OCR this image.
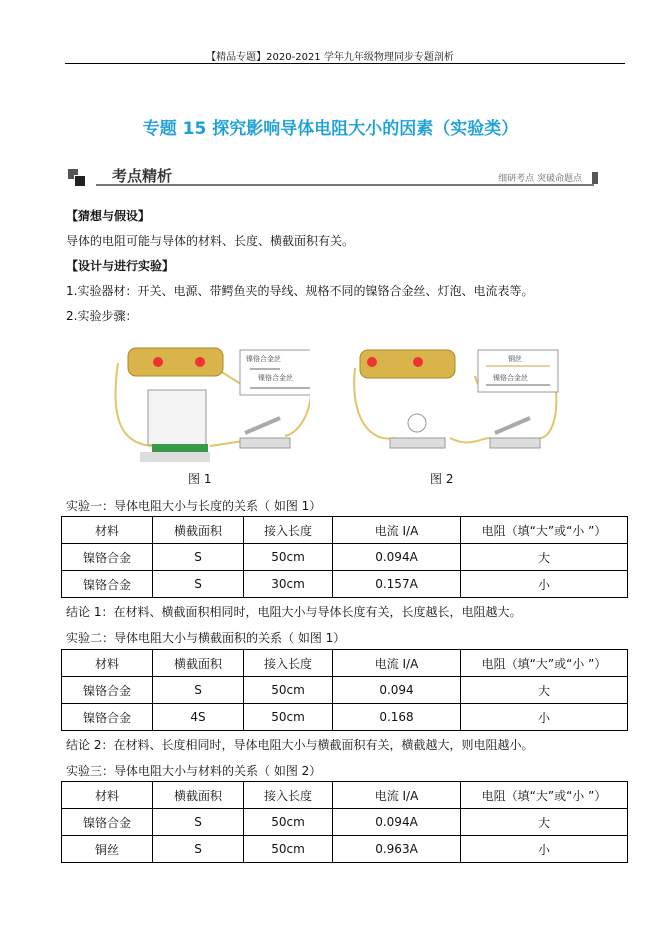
【精品专题】2020-2021 学年九年级物理同步专题剖析
专题 15 探究影响导体电阻大小的因素（实验类）
考点精析	细研考点 突破命题点
【猜想与假设】
导体的电阻可能与导体的材料、长度、横截面积有关。
【设计与进行实验】
1.实验器材：开关、电源、带鳄鱼夹的导线、规格不同的镍铬合金丝、灯泡、电流表等。
2.实验步骤：
镍铬合金丝
镍铬合金丝
铜丝
镍铬合金丝
图 1	图 2
实验一：导体电阻大小与长度的关系（ 如图 1）
材料	横截面积	接入长度	电流 I/A	电阻（填“大”或“小 ”）
镍铬合金	S	50cm	0.094A	大
镍铬合金	S	30cm	0.157A	小
结论 1：在材料、横截面积相同时，电阻大小与导体长度有关，长度越长，电阻越大。
实验二：导体电阻大小与横截面积的关系（ 如图 1）
材料	横截面积	接入长度	电流 I/A	电阻（填“大”或“小 ”）
镍铬合金	S	50cm	0.094	大
镍铬合金	4S	50cm	0.168	小
结论 2：在材料、长度相同时，导体电阻大小与横截面积有关，横截越大，则电阻越小。
实验三：导体电阻大小与材料的关系（ 如图 2）
材料	横截面积	接入长度	电流 I/A	电阻（填“大”或“小 ”）
镍铬合金	S	50cm	0.094A	大
铜丝	S	50cm	0.963A	小
